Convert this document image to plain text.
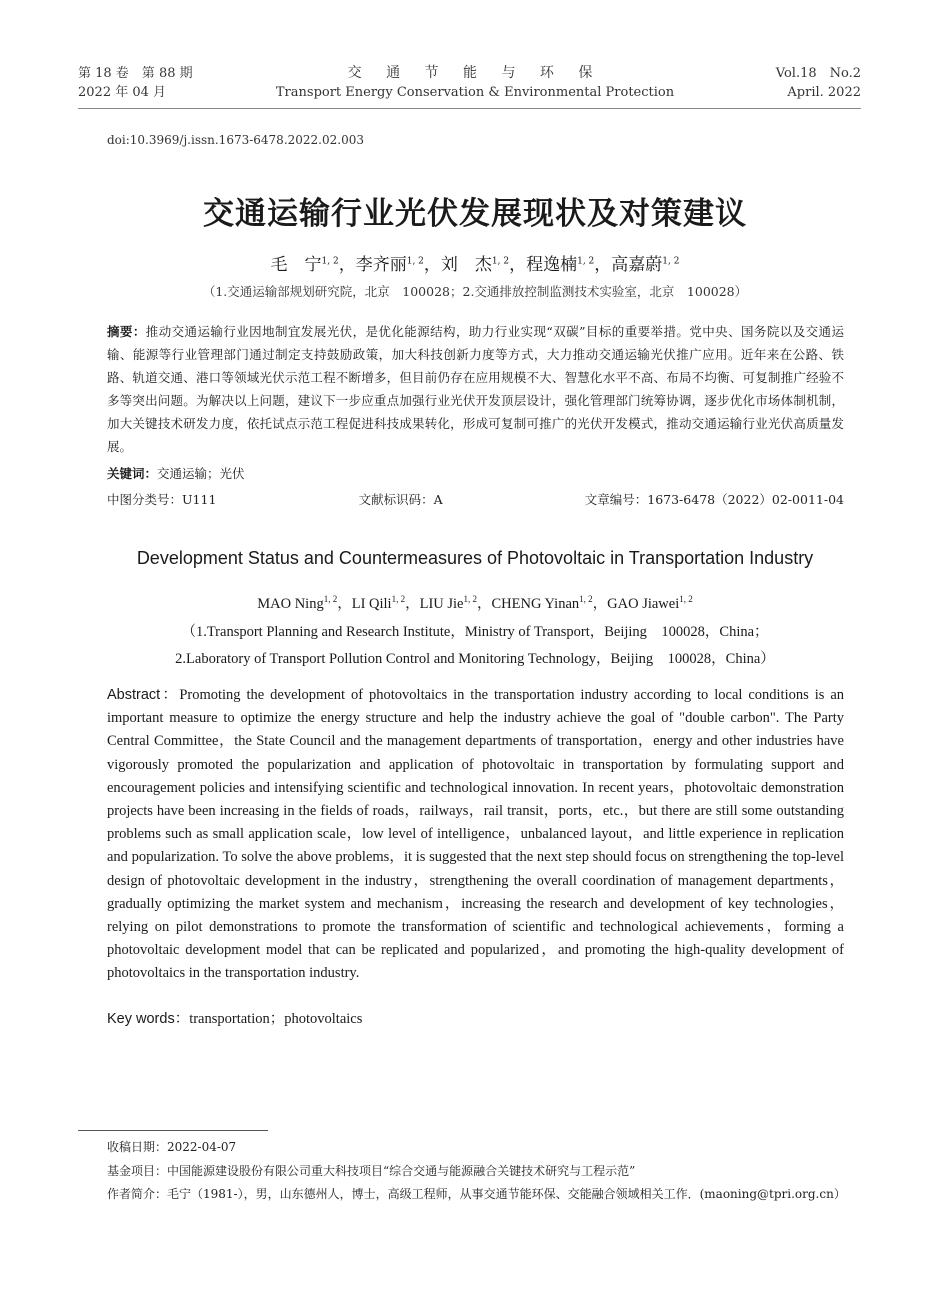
第 18 卷　第 88 期
2022 年 04 月
交 通 节 能 与 环 保
Transport Energy Conservation & Environmental Protection
Vol.18　No.2
April. 2022
doi:10.3969/j.issn.1673-6478.2022.02.003
交通运输行业光伏发展现状及对策建议
毛　宁$^{1, 2}$，李齐丽$^{1, 2}$，刘　杰$^{1, 2}$，程逸楠$^{1, 2}$，高嘉蔚$^{1, 2}$
（1.交通运输部规划研究院，北京　100028；2.交通排放控制监测技术实验室，北京　100028）
摘要：推动交通运输行业因地制宜发展光伏，是优化能源结构，助力行业实现“双碳”目标的重要举措。党中央、国务院以及交通运输、能源等行业管理部门通过制定支持鼓励政策，加大科技创新力度等方式，大力推动交通运输光伏推广应用。近年来在公路、铁路、轨道交通、港口等领域光伏示范工程不断增多，但目前仍存在应用规模不大、智慧化水平不高、布局不均衡、可复制推广经验不多等突出问题。为解决以上问题，建议下一步应重点加强行业光伏开发顶层设计，强化管理部门统筹协调，逐步优化市场体制机制，加大关键技术研发力度，依托试点示范工程促进科技成果转化，形成可复制可推广的光伏开发模式，推动交通运输行业光伏高质量发展。
关键词：交通运输；光伏
中图分类号：U111	文献标识码：A	文章编号：1673-6478（2022）02-0011-04
Development Status and Countermeasures of Photovoltaic in Transportation Industry
MAO Ning$^{1, 2}$，LI Qili$^{1, 2}$，LIU Jie$^{1, 2}$，CHENG Yinan$^{1, 2}$，GAO Jiawei$^{1, 2}$
（1.Transport Planning and Research Institute，Ministry of Transport，Beijing　100028，China；
2.Laboratory of Transport Pollution Control and Monitoring Technology，Beijing　100028，China）
Abstract：Promoting the development of photovoltaics in the transportation industry according to local conditions is an important measure to optimize the energy structure and help the industry achieve the goal of "double carbon". The Party Central Committee，the State Council and the management departments of transportation，energy and other industries have vigorously promoted the popularization and application of photovoltaic in transportation by formulating support and encouragement policies and intensifying scientific and technological innovation. In recent years，photovoltaic demonstration projects have been increasing in the fields of roads，railways，rail transit，ports，etc.，but there are still some outstanding problems such as small application scale，low level of intelligence，unbalanced layout，and little experience in replication and popularization. To solve the above problems，it is suggested that the next step should focus on strengthening the top-level design of photovoltaic development in the industry，strengthening the overall coordination of management departments，gradually optimizing the market system and mechanism，increasing the research and development of key technologies，relying on pilot demonstrations to promote the transformation of scientific and technological achievements，forming a photovoltaic development model that can be replicated and popularized，and promoting the high-quality development of photovoltaics in the transportation industry.
Key words：transportation；photovoltaics
收稿日期：2022-04-07
基金项目：中国能源建设股份有限公司重大科技项目“综合交通与能源融合关键技术研究与工程示范”
作者简介：毛宁（1981-），男，山东德州人，博士，高级工程师，从事交通节能环保、交能融合领域相关工作．(maoning@tpri.org.cn）
